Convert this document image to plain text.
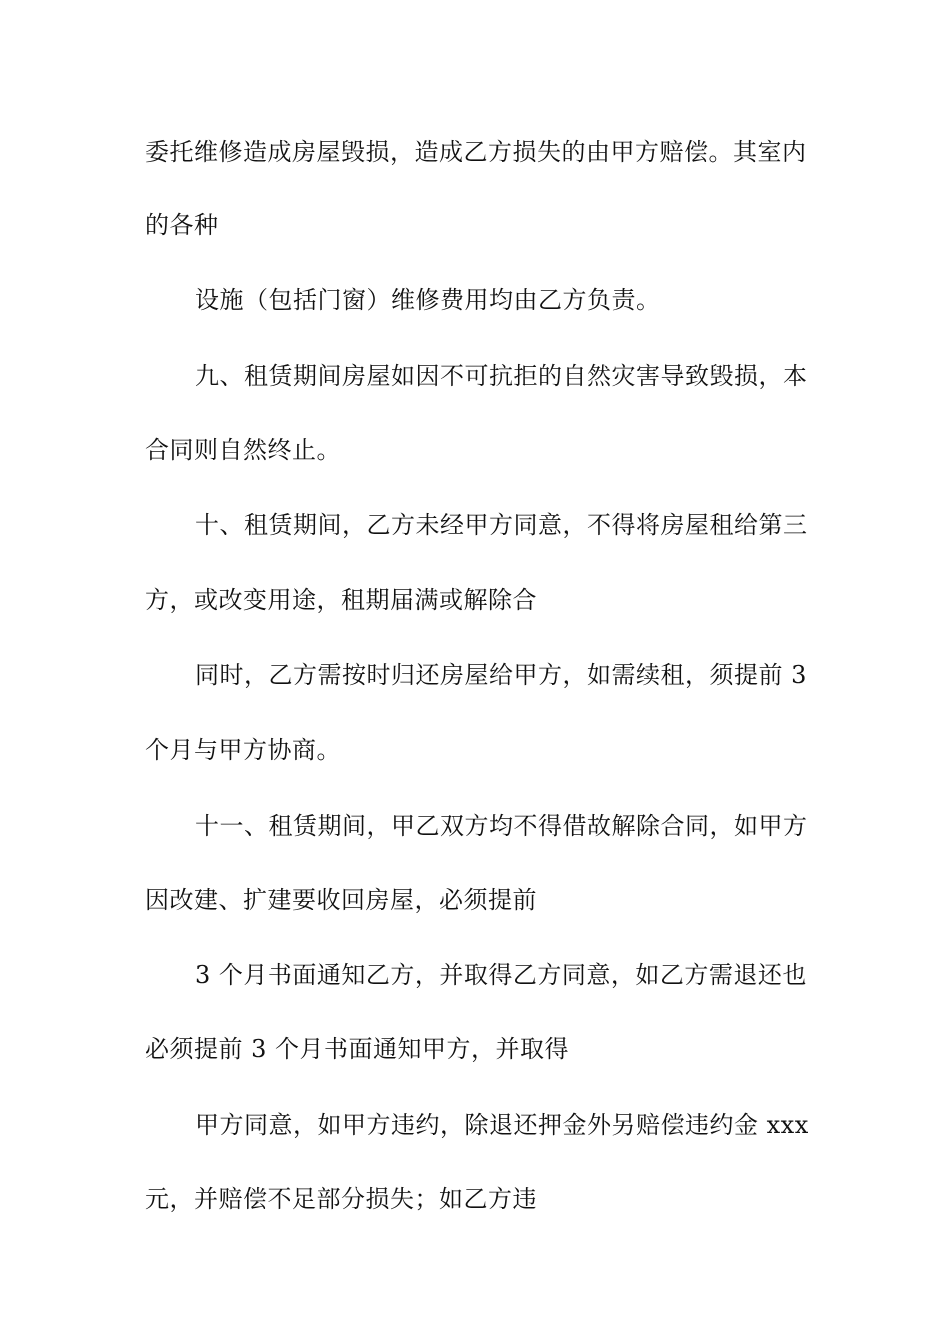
委托维修造成房屋毁损，造成乙方损失的由甲方赔偿。其室内
的各种
设施（包括门窗）维修费用均由乙方负责。
九、租赁期间房屋如因不可抗拒的自然灾害导致毁损，本
合同则自然终止。
十、租赁期间，乙方未经甲方同意，不得将房屋租给第三
方，或改变用途，租期届满或解除合
同时，乙方需按时归还房屋给甲方，如需续租，须提前 3
个月与甲方协商。
十一、租赁期间，甲乙双方均不得借故解除合同，如甲方
因改建、扩建要收回房屋，必须提前
3 个月书面通知乙方，并取得乙方同意，如乙方需退还也
必须提前 3 个月书面通知甲方，并取得
甲方同意，如甲方违约，除退还押金外另赔偿违约金 xxx
元，并赔偿不足部分损失；如乙方违
